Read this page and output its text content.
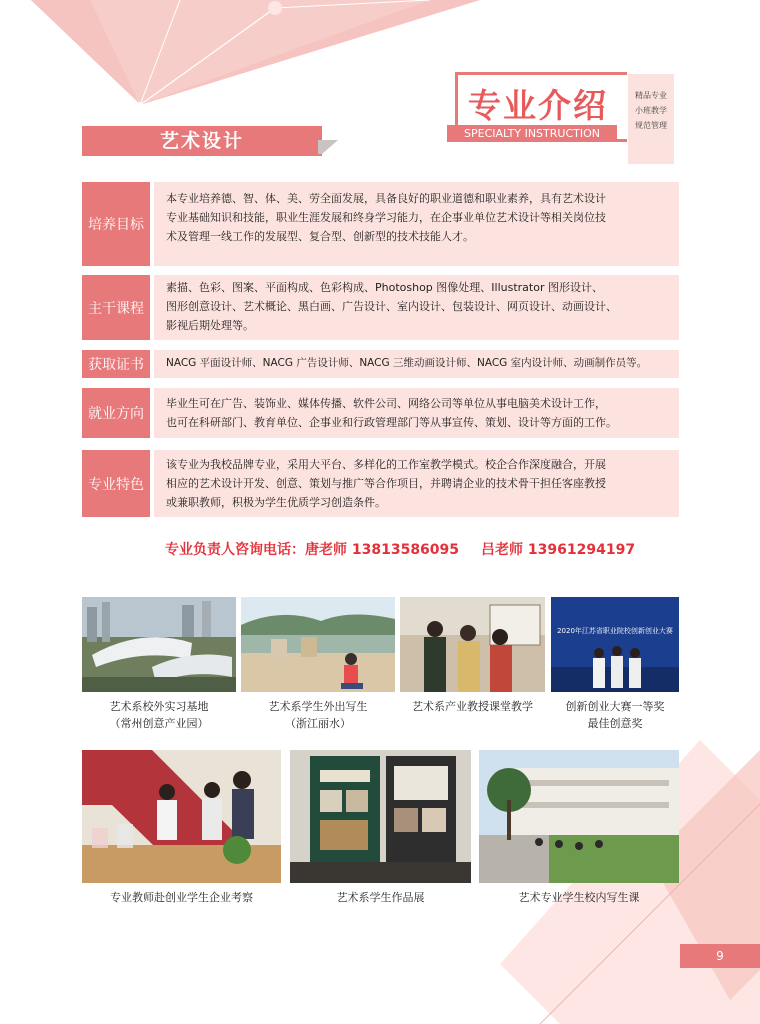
专业介绍
SPECIALTY INSTRUCTION
精品专业
小班教学
规范管理
艺术设计
培养目标
本专业培养德、智、体、美、劳全面发展，具备良好的职业道德和职业素养，具有艺术设计
专业基础知识和技能，职业生涯发展和终身学习能力，在企事业单位艺术设计等相关岗位技
术及管理一线工作的发展型、复合型、创新型的技术技能人才。
主干课程
素描、色彩、图案、平面构成、色彩构成、Photoshop 图像处理、Illustrator 图形设计、
图形创意设计、艺术概论、黑白画、广告设计、室内设计、包装设计、网页设计、动画设计、
影视后期处理等。
获取证书	NACG 平面设计师、NACG 广告设计师、NACG 三维动画设计师、NACG 室内设计师、动画制作员等。
就业方向
毕业生可在广告、装饰业、媒体传播、软件公司、网络公司等单位从事电脑美术设计工作，
也可在科研部门、教育单位、企事业和行政管理部门等从事宣传、策划、设计等方面的工作。
专业特色
该专业为我校品牌专业，采用大平台、多样化的工作室教学模式。校企合作深度融合，开展
相应的艺术设计开发、创意、策划与推广等合作项目，并聘请企业的技术骨干担任客座教授
或兼职教师，积极为学生优质学习创造条件。
专业负责人咨询电话：唐老师 13813586095 吕老师 13961294197
2020年江苏省职业院校创新创业大赛
艺术系校外实习基地
（常州创意产业园）
艺术系学生外出写生
（浙江丽水）
艺术系产业教授课堂教学	创新创业大赛一等奖
最佳创意奖
专业教师赴创业学生企业考察	艺术系学生作品展	艺术专业学生校内写生课
9
